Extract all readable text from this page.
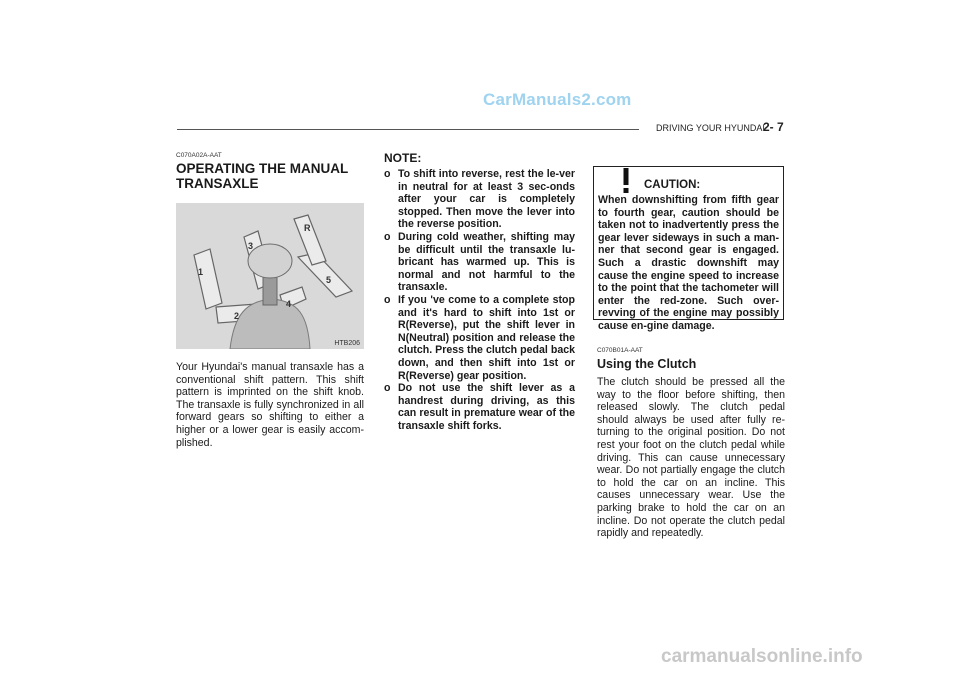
CarManuals2.com
DRIVING YOUR HYUNDAI
2- 7
C070A02A-AAT
OPERATING THE MANUAL
TRANSAXLE
1
2
3
4
5
R
HTB206
Your Hyundai's manual transaxle has a conventional shift pattern. This shift pattern is imprinted on the shift knob. The transaxle is fully synchronized in all forward gears so shifting to either a higher or a lower gear is easily accom-plished.
NOTE:
o To shift into reverse, rest the le-ver in neutral for at least 3 sec-onds after your car is completely stopped. Then move the lever into the reverse position.
o During cold weather, shifting may be difficult until the transaxle lu-bricant has warmed up. This is normal and not harmful to the transaxle.
o If you 've come to a complete stop and it's hard to shift into 1st or R(Reverse), put the shift lever in N(Neutral) position and release the clutch. Press the clutch pedal back down, and then shift into 1st or R(Reverse) gear position.
o Do not use the shift lever as a handrest during driving, as this can result in premature wear of the transaxle shift forks.
CAUTION:
When downshifting from fifth gear to fourth gear, caution should be taken not to inadvertently press the gear lever sideways in such a man-ner that second gear is engaged. Such a drastic downshift may cause the engine speed to increase to the point that the tachometer will enter the red-zone. Such over-revving of the engine may possibly cause en-gine damage.
C070B01A-AAT
Using the Clutch
The clutch should be pressed all the way to the floor before shifting, then released slowly. The clutch pedal should always be used after fully re-turning to the original position. Do not rest your foot on the clutch pedal while driving. This can cause unnecessary wear. Do not partially engage the clutch to hold the car on an incline. This causes unnecessary wear. Use the parking brake to hold the car on an incline. Do not operate the clutch pedal rapidly and repeatedly.
carmanualsonline.info
